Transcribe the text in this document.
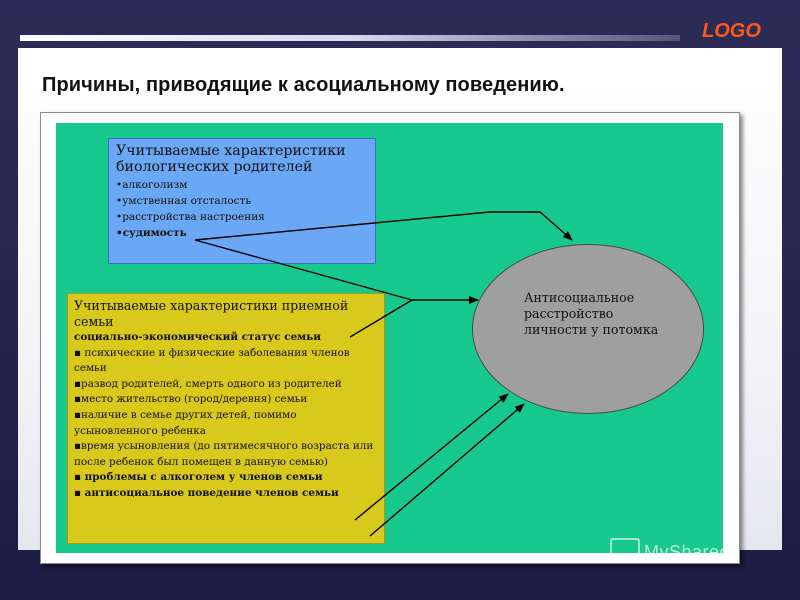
LOGO
Причины, приводящие к асоциальному поведению.
Учитываемые характеристики биологических родителей
•алкоголизм
•умственная отсталость
•расстройства настроения
•судимость
Учитываемые характеристики приемной семьи
социально-экономический статус семьи
▪ психические и физические заболевания членов семьи
▪развод родителей, смерть одного из родителей
▪место жительство (город/деревня) семьи
▪наличие в семье других детей, помимо усыновленного ребенка
▪время усыновления (до пятимесячного возраста или после ребенок был помещен в данную семью)
▪ проблемы с алкоголем у членов семьи
▪ антисоциальное поведение членов семьи
Антисоциальное расстройство личности у потомка
MyShared
